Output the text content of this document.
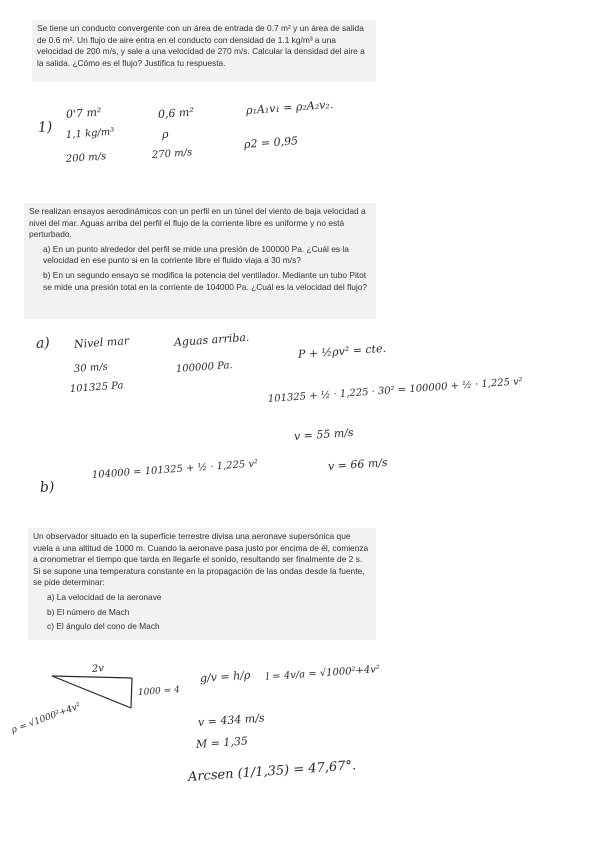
Se tiene un conducto convergente con un área de entrada de 0.7 m² y un área de salida de 0.6 m². Un flujo de aire entra en el conducto con densidad de 1.1 kg/m³ a una velocidad de 200 m/s, y sale a una velocidad de 270 m/s. Calcular la densidad del aire a la salida. ¿Cómo es el flujo? Justifica tu respuesta.

1)
0'7 m²
1,1 kg/m³
200 m/s
0,6 m²
ρ
270 m/s
ρ₁A₁v₁ = ρ₂A₂v₂.
ρ2 = 0,95

Se realizan ensayos aerodinámicos con un perfil en un túnel del viento de baja velocidad a nivel del mar. Aguas arriba del perfil el flujo de la corriente libre es uniforme y no está perturbado.

a) En un punto alrededor del perfil se mide una presión de 100000 Pa. ¿Cuál es la velocidad en ese punto si en la corriente libre el fluido viaja a 30 m/s?

b) En un segundo ensayo se modifica la potencia del ventilador. Mediante un tubo Pitot se mide una presión total en la corriente de 104000 Pa. ¿Cuál es la velocidad del flujo?

a) Nivel mar
30 m/s
101325 Pa
Aguas arriba.
100000 Pa.
P + ½ρv² = cte.
101325 + ½ · 1,225 · 30² = 100000 + ½ · 1,225 v²
v = 55 m/s
b)
104000 = 101325 + ½ · 1,225 v²	v = 66 m/s

Un observador situado en la superficie terrestre divisa una aeronave supersónica que vuela a una altitud de 1000 m. Cuando la aeronave pasa justo por encima de él, comienza a cronometrar el tiempo que tarda en llegarle el sonido, resultando ser finalmente de 2 s. Si se supone una temperatura constante en la propagación de las ondas desde la fuente, se pide determinar:

a) La velocidad de la aeronave

b) El número de Mach

c) El ángulo del cono de Mach

2v
1000 = 4
ρ = √1000²+4v²
g/v = h/ρ l = 4v/a = √1000²+4v²
v = 434 m/s
M = 1,35
Arcsen (1/1,35) = 47,67°.
